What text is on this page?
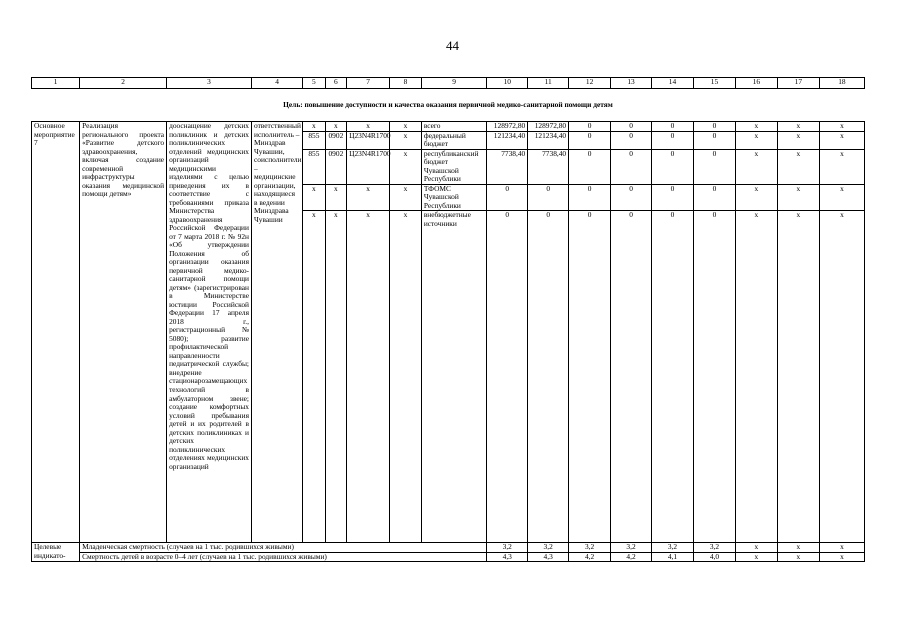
44
1	2	3	4	5	6	7	8	9	10	11	12	13	14	15	16	17	18
Цель: повышение доступности и качества оказания первичной медико-санитарной помощи детям																	
Основное мероприятие 7	Реализация регионального проекта «Развитие детского здравоохранения, включая создание современной инфраструктуры оказания медицинской помощи детям»	дооснащение детских поликлиник и детских поликлинических отделений медицинских организаций медицинскими изделиями с целью приведения их в соответствие с требованиями приказа Министерства здравоохранения Российской Федерации от 7 марта 2018 г. № 92н «Об утверждении Положения об организации оказания первичной медико-санитарной помощи детям» (зарегистрирован в Министерстве юстиции Российской Федерации 17 апреля 2018 г., регистрационный № 5080); развитие профилактической направленности педиатрической службы; внедрение стационарозамещающих технологий в амбулаторном звене; создание комфортных условий пребывания детей и их родителей в детских поликлиниках и детских поликлинических отделениях медицинских организаций	ответственный исполнитель – Минздрав Чувашии, соисполнители – медицинские организации, находящиеся в ведении Минздрава Чувашии	x	x	x	x	всего	128972,80	128972,80	0	0	0	0	x	x	x
				855	0902	Ц23N4R1700	x	федеральный бюджет	121234,40	121234,40	0	0	0	0	x	x	x
				855	0902	Ц23N4R1700	x	республиканский бюджет Чувашской Республики	7738,40	7738,40	0	0	0	0	x	x	x
				x	x	x	x	ТФОМС Чувашской Республики	0	0	0	0	0	0	x	x	x
				x	x	x	x	внебюджетные источники	0	0	0	0	0	0	x	x	x
Целевые индикато-	Младенческая смертность (случаев на 1 тыс. родившихся живыми)								3,2	3,2	3,2	3,2	3,2	3,2	x	x	x
	Смертность детей в возрасте 0–4 лет (случаев на 1 тыс. родившихся живыми)								4,3	4,3	4,2	4,2	4,1	4,0	x	x	x
